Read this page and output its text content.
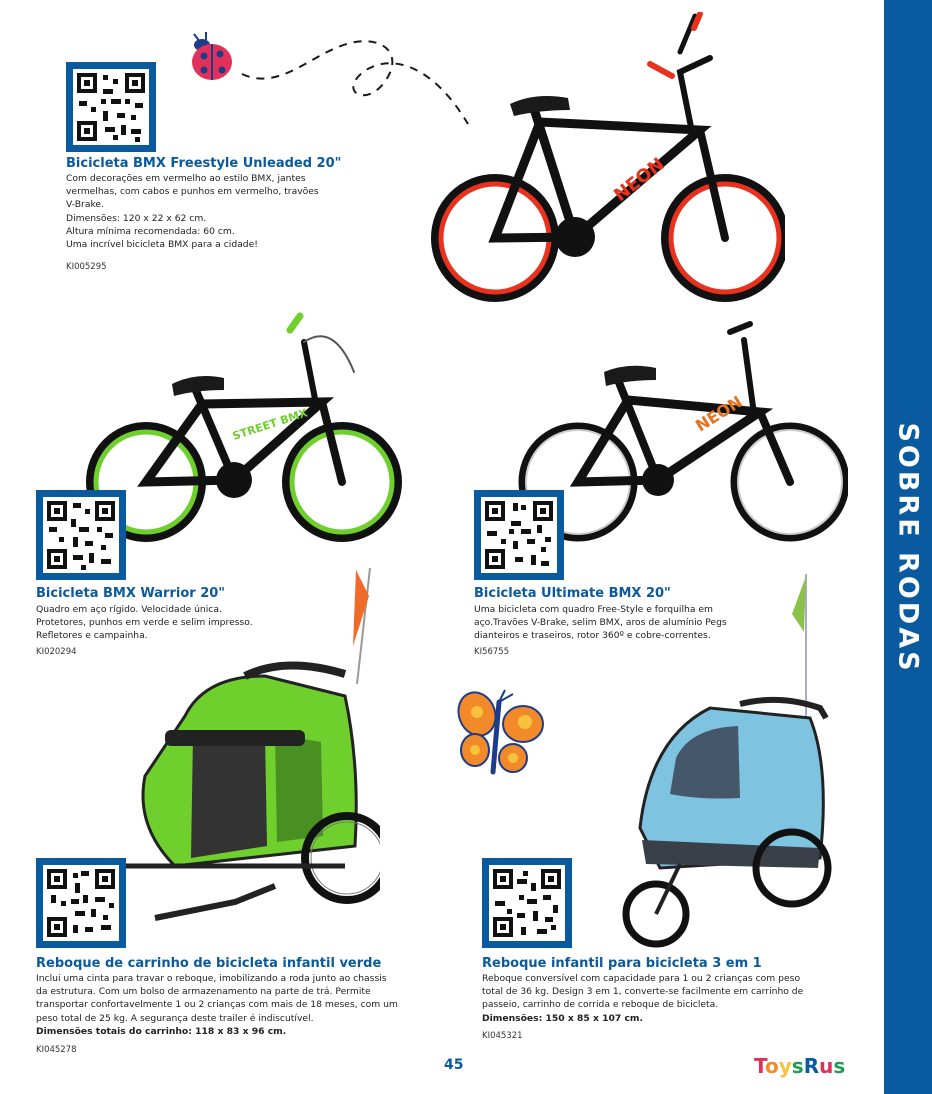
SOBRE RODAS
Bicicleta BMX Freestyle Unleaded 20"
Com decorações em vermelho ao estilo BMX, jantes
vermelhas, com cabos e punhos em vermelho, travões
V-Brake.
Dimensões: 120 x 22 x 62 cm.
Altura mínima recomendada: 60 cm.
Uma incrível bicicleta BMX para a cidade!
KI005295
NEON
STREET BMX
Bicicleta BMX Warrior 20"
Quadro em aço rígido. Velocidade única.
Protetores, punhos em verde e selim impresso.
Refletores e campainha.
KI020294
NEON
Bicicleta Ultimate BMX 20"
Uma bicicleta com quadro Free-Style e forquilha em
aço.Travões V-Brake, selim BMX, aros de alumínio Pegs
dianteiros e traseiros, rotor 360º e cobre-correntes.
KI56755
Reboque de carrinho de bicicleta infantil verde
Inclui uma cinta para travar o reboque, imobilizando a roda junto ao chassis
da estrutura. Com um bolso de armazenamento na parte de trá. Permite
transportar confortavelmente 1 ou 2 crianças com mais de 18 meses, com um
peso total de 25 kg. A segurança deste trailer é indiscutível.
Dimensões totais do carrinho: 118 x 83 x 96 cm.
KI045278
Reboque infantil para bicicleta 3 em 1
Reboque conversível com capacidade para 1 ou 2 crianças com peso
total de 36 kg. Design 3 em 1, converte-se facilmente em carrinho de
passeio, carrinho de corrida e reboque de bicicleta.
Dimensões: 150 x 85 x 107 cm.
KI045321
45	ToysRus
